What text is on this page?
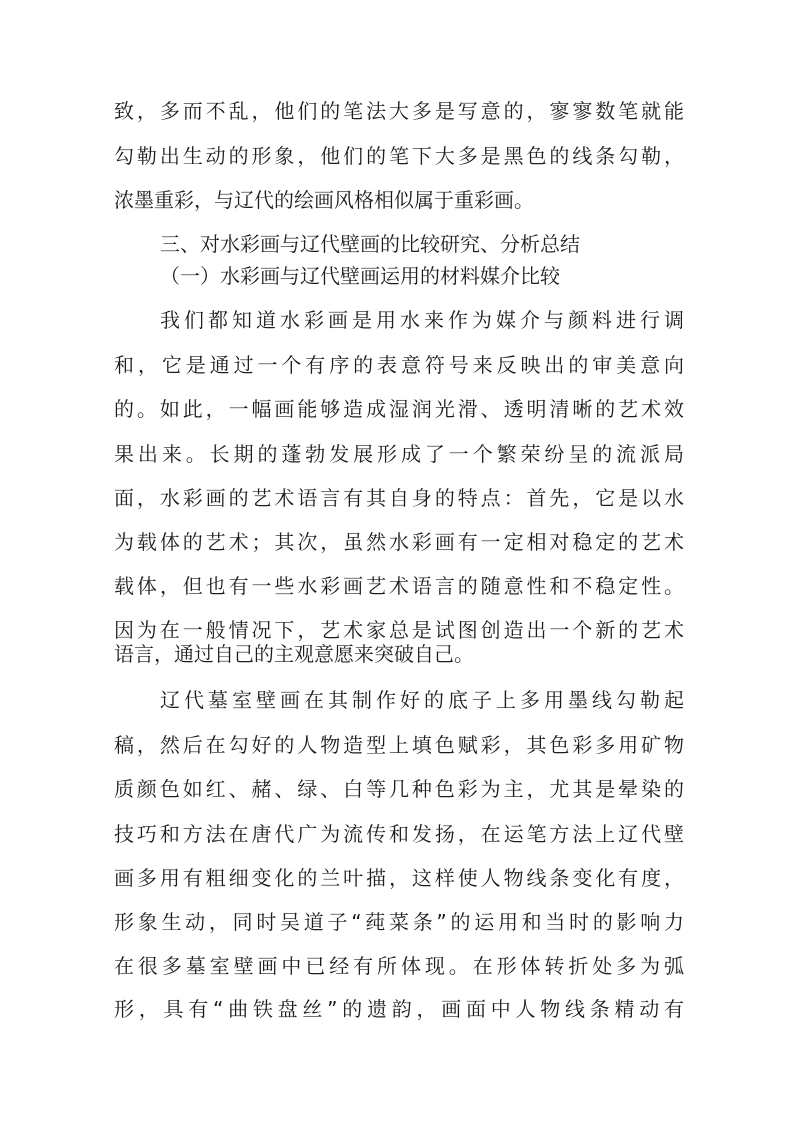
致，多而不乱，他们的笔法大多是写意的，寥寥数笔就能
勾勒出生动的形象，他们的笔下大多是黑色的线条勾勒，
浓墨重彩，与辽代的绘画风格相似属于重彩画。
三、对水彩画与辽代壁画的比较研究、分析总结
（一）水彩画与辽代壁画运用的材料媒介比较
我们都知道水彩画是用水来作为媒介与颜料进行调
和，它是通过一个有序的表意符号来反映出的审美意向
的。如此，一幅画能够造成湿润光滑、透明清晰的艺术效
果出来。长期的蓬勃发展形成了一个繁荣纷呈的流派局
面，水彩画的艺术语言有其自身的特点：首先，它是以水
为载体的艺术；其次，虽然水彩画有一定相对稳定的艺术
载体，但也有一些水彩画艺术语言的随意性和不稳定性。
因为在一般情况下，艺术家总是试图创造出一个新的艺术
语言，通过自己的主观意愿来突破自己。
辽代墓室壁画在其制作好的底子上多用墨线勾勒起
稿，然后在勾好的人物造型上填色赋彩，其色彩多用矿物
质颜色如红、赭、绿、白等几种色彩为主，尤其是晕染的
技巧和方法在唐代广为流传和发扬，在运笔方法上辽代壁
画多用有粗细变化的兰叶描，这样使人物线条变化有度，
形象生动，同时吴道子“莼菜条”的运用和当时的影响力
在很多墓室壁画中已经有所体现。在形体转折处多为弧
形，具有“曲铁盘丝”的遗韵，画面中人物线条精动有
